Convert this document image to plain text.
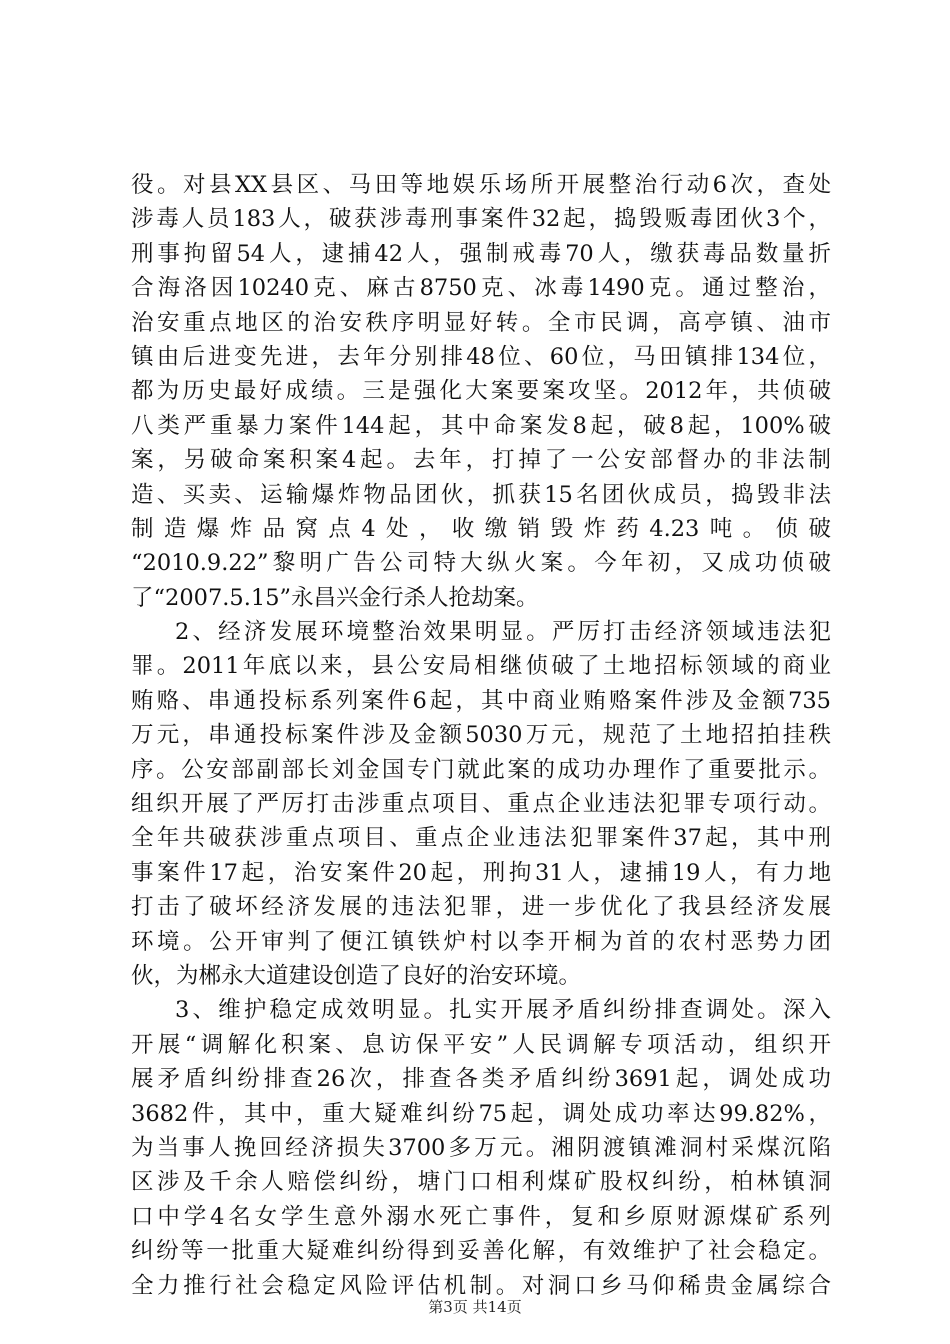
役。对县XX县区、马田等地娱乐场所开展整治行动6次，查处
涉毒人员183人，破获涉毒刑事案件32起，捣毁贩毒团伙3个，
刑事拘留54人，逮捕42人，强制戒毒70人，缴获毒品数量折
合海洛因10240克、麻古8750克、冰毒1490克。通过整治，
治安重点地区的治安秩序明显好转。全市民调，高亭镇、油市
镇由后进变先进，去年分别排48位、60位，马田镇排134位，
都为历史最好成绩。三是强化大案要案攻坚。2012年，共侦破
八类严重暴力案件144起，其中命案发8起，破8起，100%破
案，另破命案积案4起。去年，打掉了一公安部督办的非法制
造、买卖、运输爆炸物品团伙，抓获15名团伙成员，捣毁非法
制造爆炸品窝点4处，收缴销毁炸药4.23吨。侦破
“2010.9.22”黎明广告公司特大纵火案。今年初，又成功侦破
了“2007.5.15”永昌兴金行杀人抢劫案。
2、经济发展环境整治效果明显。严厉打击经济领域违法犯
罪。2011年底以来，县公安局相继侦破了土地招标领域的商业
贿赂、串通投标系列案件6起，其中商业贿赂案件涉及金额735
万元，串通投标案件涉及金额5030万元，规范了土地招拍挂秩
序。公安部副部长刘金国专门就此案的成功办理作了重要批示。
组织开展了严厉打击涉重点项目、重点企业违法犯罪专项行动。
全年共破获涉重点项目、重点企业违法犯罪案件37起，其中刑
事案件17起，治安案件20起，刑拘31人，逮捕19人，有力地
打击了破坏经济发展的违法犯罪，进一步优化了我县经济发展
环境。公开审判了便江镇铁炉村以李开桐为首的农村恶势力团
伙，为郴永大道建设创造了良好的治安环境。
3、维护稳定成效明显。扎实开展矛盾纠纷排查调处。深入
开展“调解化积案、息访保平安”人民调解专项活动，组织开
展矛盾纠纷排查26次，排查各类矛盾纠纷3691起，调处成功
3682件，其中，重大疑难纠纷75起，调处成功率达99.82%，
为当事人挽回经济损失3700多万元。湘阴渡镇滩洞村采煤沉陷
区涉及千余人赔偿纠纷，塘门口相利煤矿股权纠纷，柏林镇洞
口中学4名女学生意外溺水死亡事件，复和乡原财源煤矿系列
纠纷等一批重大疑难纠纷得到妥善化解，有效维护了社会稳定。
全力推行社会稳定风险评估机制。对洞口乡马仰稀贵金属综合
第3页 共14页
